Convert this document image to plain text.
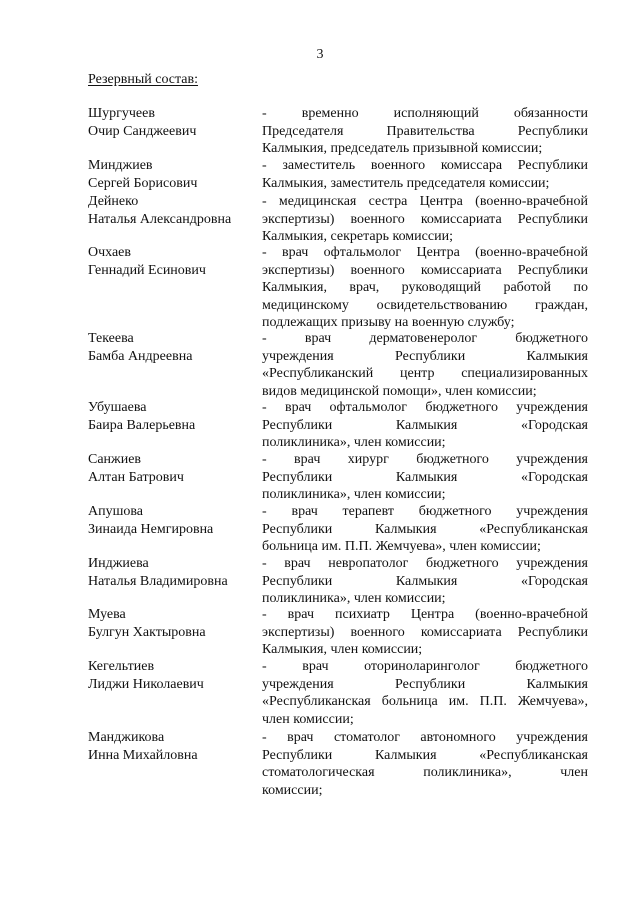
3
Резервный состав:
Шургучеев
Очир Санджеевич
- временно исполняющий обязанности
Председателя Правительства Республики
Калмыкия, председатель призывной комиссии;
Минджиев
Сергей Борисович
- заместитель военного комиссара Республики
Калмыкия, заместитель председателя комиссии;
Дейнеко
Наталья Александровна
- медицинская сестра Центра (военно-врачебной
экспертизы) военного комиссариата Республики
Калмыкия, секретарь комиссии;
Очхаев
Геннадий Есинович
- врач офтальмолог Центра (военно-врачебной
экспертизы) военного комиссариата Республики
Калмыкия, врач, руководящий работой по
медицинскому освидетельствованию граждан,
подлежащих призыву на военную службу;
Текеева
Бамба Андреевна
- врач дерматовенеролог бюджетного
учреждения Республики Калмыкия
«Республиканский центр специализированных
видов медицинской помощи», член комиссии;
Убушаева
Баира Валерьевна
- врач офтальмолог бюджетного учреждения
Республики Калмыкия «Городская
поликлиника», член комиссии;
Санжиев
Алтан Батрович
- врач хирург бюджетного учреждения
Республики Калмыкия «Городская
поликлиника», член комиссии;
Апушова
Зинаида Немгировна
- врач терапевт бюджетного учреждения
Республики Калмыкия «Республиканская
больница им. П.П. Жемчуева», член комиссии;
Инджиева
Наталья Владимировна
- врач невропатолог бюджетного учреждения
Республики Калмыкия «Городская
поликлиника», член комиссии;
Муева
Булгун Хактыровна
- врач психиатр Центра (военно-врачебной
экспертизы) военного комиссариата Республики
Калмыкия, член комиссии;
Кегельтиев
Лиджи Николаевич
- врач оториноларинголог бюджетного
учреждения Республики Калмыкия
«Республиканская больница им. П.П. Жемчуева»,
член комиссии;
Манджикова
Инна Михайловна
- врач стоматолог автономного учреждения
Республики Калмыкия «Республиканская
стоматологическая поликлиника», член
комиссии;
